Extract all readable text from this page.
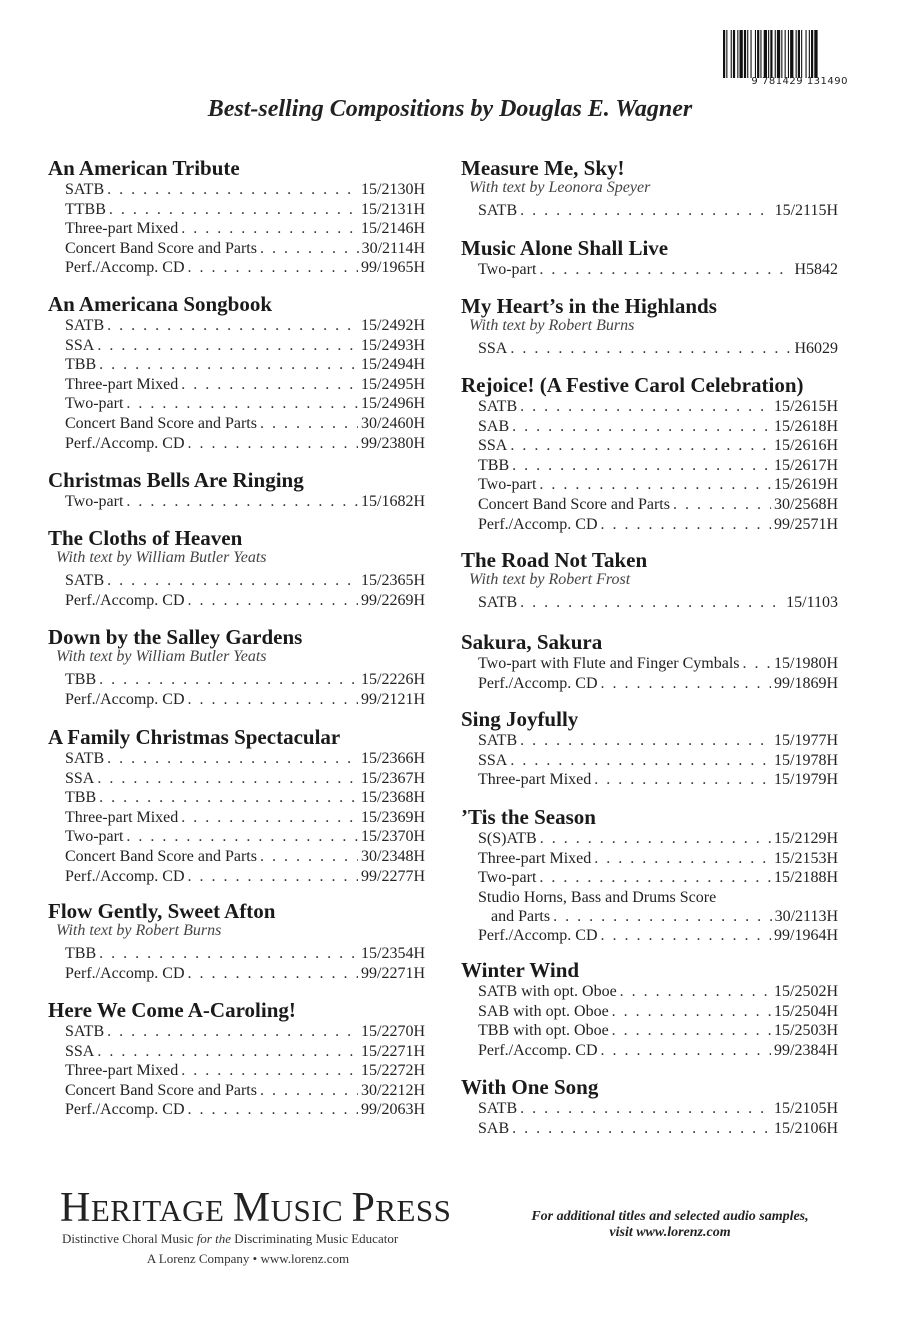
9 781429 131490
Best-selling Compositions by Douglas E. Wagner
An American Tribute
SATB . . .	15/2130H
TTBB . . .	15/2131H
Three-part Mixed . . .	15/2146H
Concert Band Score and Parts . . .	30/2114H
Perf./Accomp. CD . . .	99/1965H
An Americana Songbook
SATB . . .	15/2492H
SSA . . .	15/2493H
TBB . . .	15/2494H
Three-part Mixed . . .	15/2495H
Two-part . . .	15/2496H
Concert Band Score and Parts . . .	30/2460H
Perf./Accomp. CD . . .	99/2380H
Christmas Bells Are Ringing
Two-part . . .	15/1682H
The Cloths of Heaven
With text by William Butler Yeats
SATB . . .	15/2365H
Perf./Accomp. CD . . .	99/2269H
Down by the Salley Gardens
With text by William Butler Yeats
TBB . . .	15/2226H
Perf./Accomp. CD . . .	99/2121H
A Family Christmas Spectacular
SATB . . .	15/2366H
SSA . . .	15/2367H
TBB . . .	15/2368H
Three-part Mixed . . .	15/2369H
Two-part . . .	15/2370H
Concert Band Score and Parts . . .	30/2348H
Perf./Accomp. CD . . .	99/2277H
Flow Gently, Sweet Afton
With text by Robert Burns
TBB . . .	15/2354H
Perf./Accomp. CD . . .	99/2271H
Here We Come A-Caroling!
SATB . . .	15/2270H
SSA . . .	15/2271H
Three-part Mixed . . .	15/2272H
Concert Band Score and Parts . . .	30/2212H
Perf./Accomp. CD . . .	99/2063H
Measure Me, Sky!
With text by Leonora Speyer
SATB . . .	15/2115H
Music Alone Shall Live
Two-part . . .	H5842
My Heart’s in the Highlands
With text by Robert Burns
SSA . . .	H6029
Rejoice! (A Festive Carol Celebration)
SATB . . .	15/2615H
SAB . . .	15/2618H
SSA . . .	15/2616H
TBB . . .	15/2617H
Two-part . . .	15/2619H
Concert Band Score and Parts . . .	30/2568H
Perf./Accomp. CD . . .	99/2571H
The Road Not Taken
With text by Robert Frost
SATB . . .	15/1103
Sakura, Sakura
Two-part with Flute and Finger Cymbals . . . 15/1980H
Perf./Accomp. CD . . .	99/1869H
Sing Joyfully
SATB . . .	15/1977H
SSA . . .	15/1978H
Three-part Mixed . . .	15/1979H
’Tis the Season
S(S)ATB . . .	15/2129H
Three-part Mixed . . .	15/2153H
Two-part . . .	15/2188H
Studio Horns, Bass and Drums Score
and Parts . . .	30/2113H
Perf./Accomp. CD . . .	99/1964H
Winter Wind
SATB with opt. Oboe . . .	15/2502H
SAB with opt. Oboe . . .	15/2504H
TBB with opt. Oboe . . .	15/2503H
Perf./Accomp. CD . . .	99/2384H
With One Song
SATB . . .	15/2105H
SAB . . .	15/2106H
HERITAGE MUSIC PRESS
Distinctive Choral Music for the Discriminating Music Educator
A Lorenz Company • www.lorenz.com
For additional titles and selected audio samples,
visit www.lorenz.com
